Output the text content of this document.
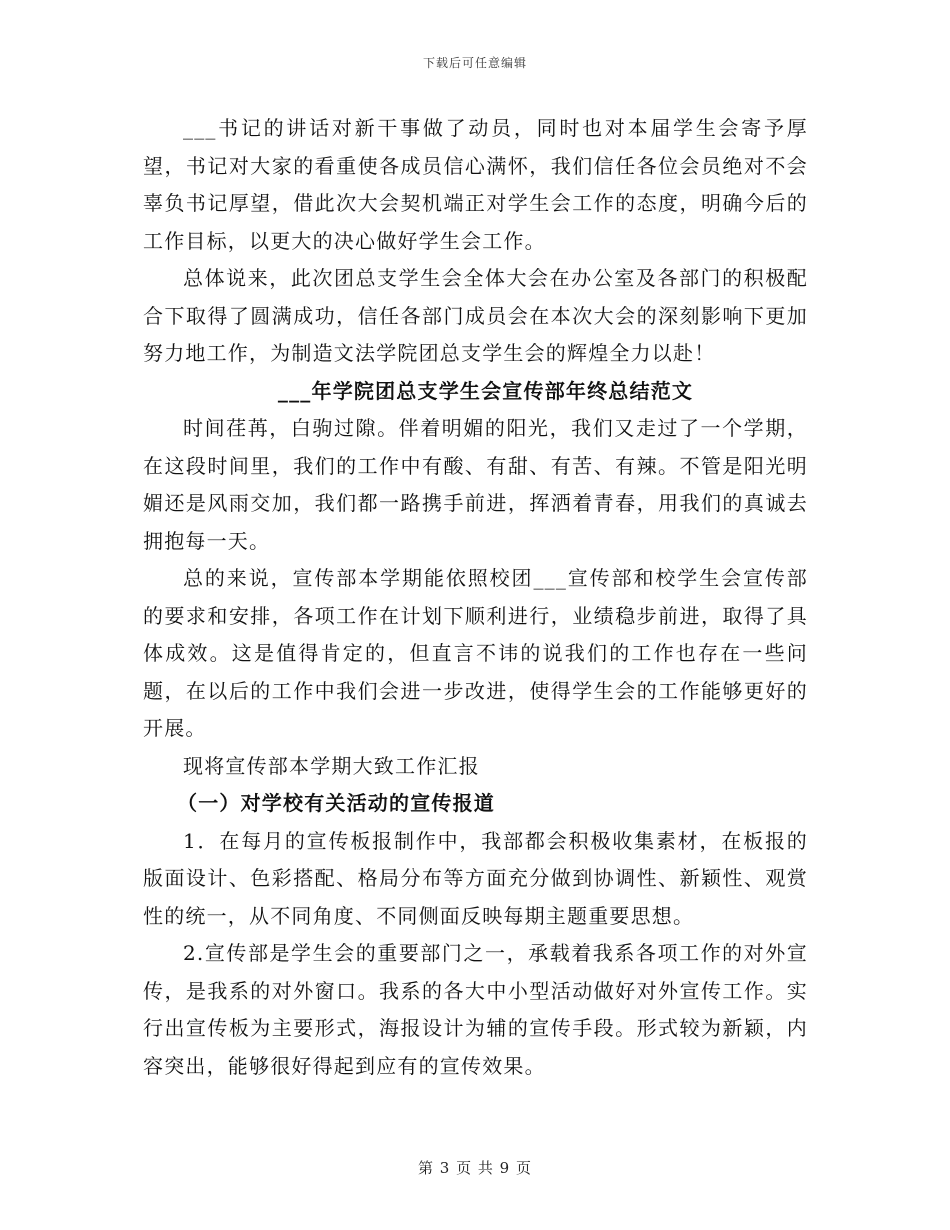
下载后可任意编辑

___书记的讲话对新干事做了动员，同时也对本届学生会寄予厚望，书记对大家的看重使各成员信心满怀，我们信任各位会员绝对不会辜负书记厚望，借此次大会契机端正对学生会工作的态度，明确今后的工作目标，以更大的决心做好学生会工作。

总体说来，此次团总支学生会全体大会在办公室及各部门的积极配合下取得了圆满成功，信任各部门成员会在本次大会的深刻影响下更加努力地工作，为制造文法学院团总支学生会的辉煌全力以赴！

___年学院团总支学生会宣传部年终总结范文

时间荏苒，白驹过隙。伴着明媚的阳光，我们又走过了一个学期，在这段时间里，我们的工作中有酸、有甜、有苦、有辣。不管是阳光明媚还是风雨交加，我们都一路携手前进，挥洒着青春，用我们的真诚去拥抱每一天。

总的来说，宣传部本学期能依照校团___宣传部和校学生会宣传部的要求和安排，各项工作在计划下顺利进行，业绩稳步前进，取得了具体成效。这是值得肯定的，但直言不讳的说我们的工作也存在一些问题，在以后的工作中我们会进一步改进，使得学生会的工作能够更好的开展。

现将宣传部本学期大致工作汇报

（一）对学校有关活动的宣传报道

1．在每月的宣传板报制作中，我部都会积极收集素材，在板报的版面设计、色彩搭配、格局分布等方面充分做到协调性、新颖性、观赏性的统一，从不同角度、不同侧面反映每期主题重要思想。

2.宣传部是学生会的重要部门之一，承载着我系各项工作的对外宣传，是我系的对外窗口。我系的各大中小型活动做好对外宣传工作。实行出宣传板为主要形式，海报设计为辅的宣传手段。形式较为新颖，内容突出，能够很好得起到应有的宣传效果。

第 3 页 共 9 页
